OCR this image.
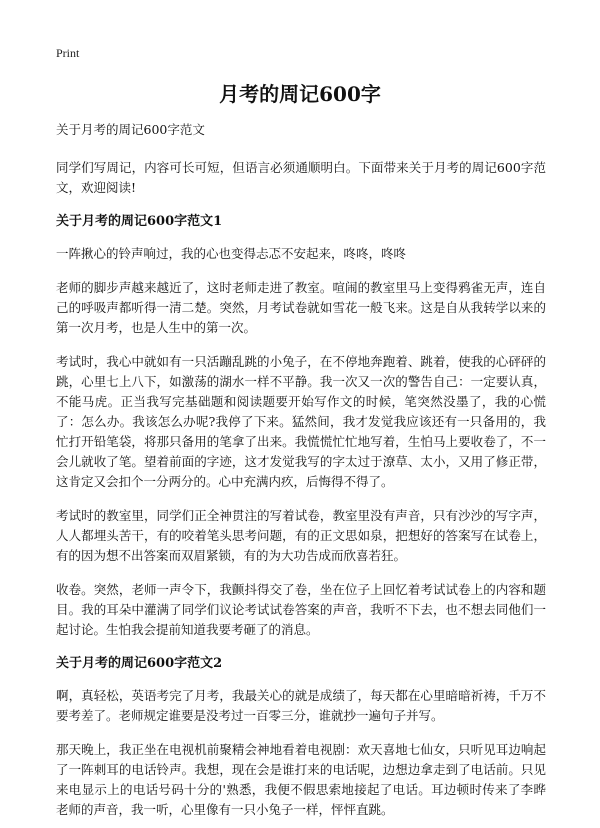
Print
月考的周记600字

关于月考的周记600字范文

同学们写周记，内容可长可短，但语言必须通顺明白。下面带来关于月考的周记600字范文，欢迎阅读!

关于月考的周记600字范文1

一阵揪心的铃声响过，我的心也变得忐忑不安起来，咚咚，咚咚

老师的脚步声越来越近了，这时老师走进了教室。喧闹的教室里马上变得鸦雀无声，连自己的呼吸声都听得一清二楚。突然，月考试卷就如雪花一般飞来。这是自从我转学以来的第一次月考，也是人生中的第一次。

考试时，我心中就如有一只活蹦乱跳的小兔子，在不停地奔跑着、跳着，使我的心砰砰的跳，心里七上八下，如激荡的湖水一样不平静。我一次又一次的警告自己：一定要认真，不能马虎。正当我写完基础题和阅读题要开始写作文的时候，笔突然没墨了，我的心慌了：怎么办。我该怎么办呢?我停了下来。猛然间，我才发觉我应该还有一只备用的，我忙打开铅笔袋，将那只备用的笔拿了出来。我慌慌忙忙地写着，生怕马上要收卷了，不一会儿就收了笔。望着前面的字迹，这才发觉我写的字太过于潦草、太小，又用了修正带，这肯定又会扣个一分两分的。心中充满内疚，后悔得不得了。

考试时的教室里，同学们正全神贯注的写着试卷，教室里没有声音，只有沙沙的写字声，人人都埋头苦干，有的咬着笔头思考问题，有的正文思如泉，把想好的答案写在试卷上，有的因为想不出答案而双眉紧锁，有的为大功告成而欣喜若狂。

收卷。突然，老师一声令下，我颤抖得交了卷，坐在位子上回忆着考试试卷上的内容和题目。我的耳朵中灌满了同学们议论考试试卷答案的声音，我听不下去，也不想去同他们一起讨论。生怕我会提前知道我要考砸了的消息。

关于月考的周记600字范文2

啊，真轻松，英语考完了月考，我最关心的就是成绩了，每天都在心里暗暗祈祷，千万不要考差了。老师规定谁要是没考过一百零三分，谁就抄一遍句子并写。

那天晚上，我正坐在电视机前聚精会神地看着电视剧：欢天喜地七仙女，只听见耳边响起了一阵刺耳的电话铃声。我想，现在会是谁打来的电话呢，边想边拿走到了电话前。只见来电显示上的电话号码十分的'熟悉，我便不假思索地接起了电话。耳边顿时传来了李晔老师的声音，我一听，心里像有一只小兔子一样，怦怦直跳。
